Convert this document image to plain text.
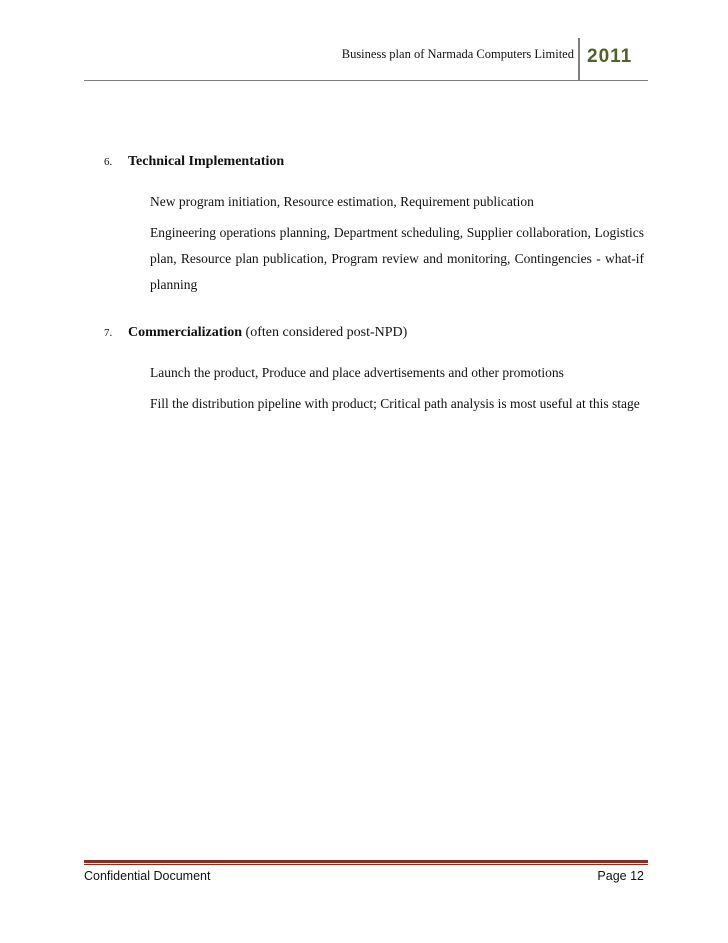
Business plan of Narmada Computers Limited 2011
6. Technical Implementation

New program initiation, Resource estimation, Requirement publication

Engineering operations planning, Department scheduling, Supplier collaboration, Logistics plan, Resource plan publication, Program review and monitoring, Contingencies - what-if planning

7. Commercialization (often considered post-NPD)

Launch the product, Produce and place advertisements and other promotions

Fill the distribution pipeline with product; Critical path analysis is most useful at this stage

Confidential Document	Page 12
